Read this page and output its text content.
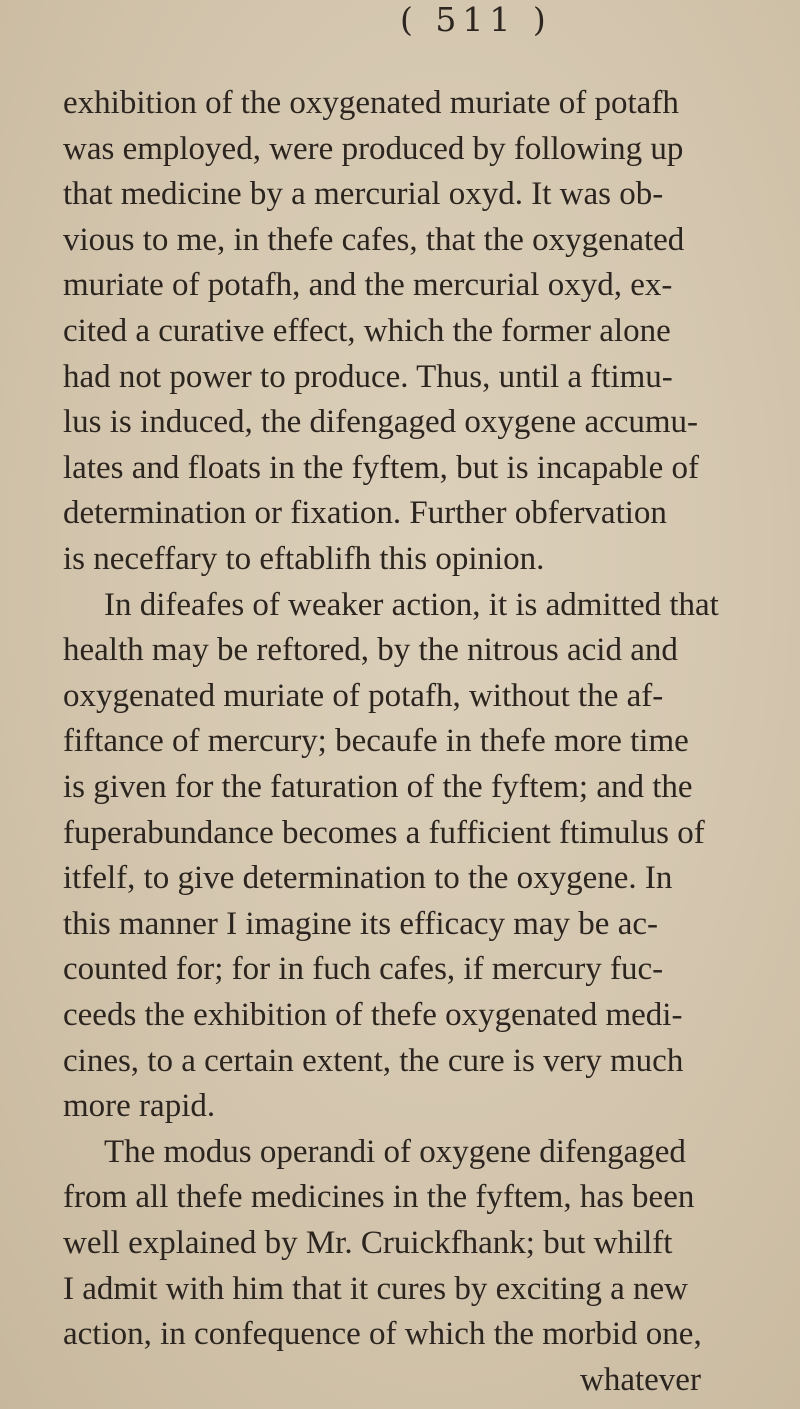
( 511 )
exhibition of the oxygenated muriate of potafh
was employed, were produced by following up
that medicine by a mercurial oxyd. It was ob-
vious to me, in thefe cafes, that the oxygenated
muriate of potafh, and the mercurial oxyd, ex-
cited a curative effect, which the former alone
had not power to produce. Thus, until a ftimu-
lus is induced, the difengaged oxygene accumu-
lates and floats in the fyftem, but is incapable of
determination or fixation. Further obfervation
is neceffary to eftablifh this opinion.
In difeafes of weaker action, it is admitted that
health may be reftored, by the nitrous acid and
oxygenated muriate of potafh, without the af-
fiftance of mercury; becaufe in thefe more time
is given for the faturation of the fyftem; and the
fuperabundance becomes a fufficient ftimulus of
itfelf, to give determination to the oxygene. In
this manner I imagine its efficacy may be ac-
counted for; for in fuch cafes, if mercury fuc-
ceeds the exhibition of thefe oxygenated medi-
cines, to a certain extent, the cure is very much
more rapid.
The modus operandi of oxygene difengaged
from all thefe medicines in the fyftem, has been
well explained by Mr. Cruickfhank; but whilft
I admit with him that it cures by exciting a new
action, in confequence of which the morbid one,
whatever
